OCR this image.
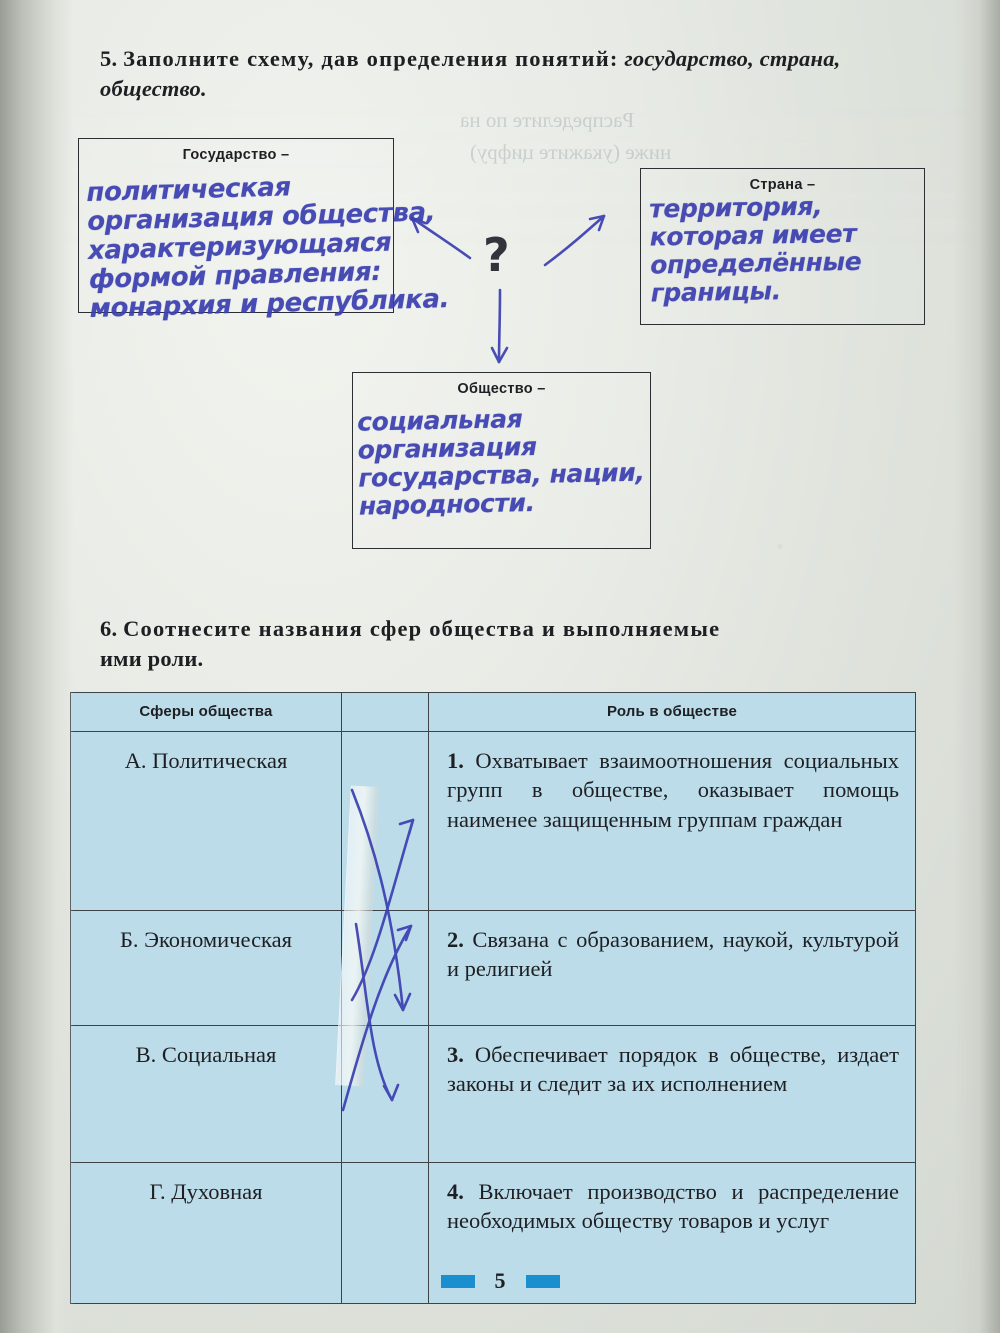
Распределите по на
ниже (укажите цифру)
5. Заполните схему, дав определения понятий: государство, страна, общество.
Государство –
политическая организация общества, характеризующаяся формой правления: монархия и республика.
Страна –
территория, которая имеет определённые границы.
Общество –
социальная организация государства, нации, народности.
?
6. Соотнесите названия сфер общества и выполняемые
ими роли.
Сферы общества		Роль в обществе
А. Политическая		1. Охватывает взаимоотношения социальных групп в обществе, оказывает помощь наименее защищенным группам граждан
Б. Экономическая		2. Связана с образованием, наукой, культурой и религией
В. Социальная		3. Обеспечивает порядок в обществе, издает законы и следит за их исполнением
Г. Духовная		4. Включает производство и распределение необходимых обществу товаров и услуг
5
